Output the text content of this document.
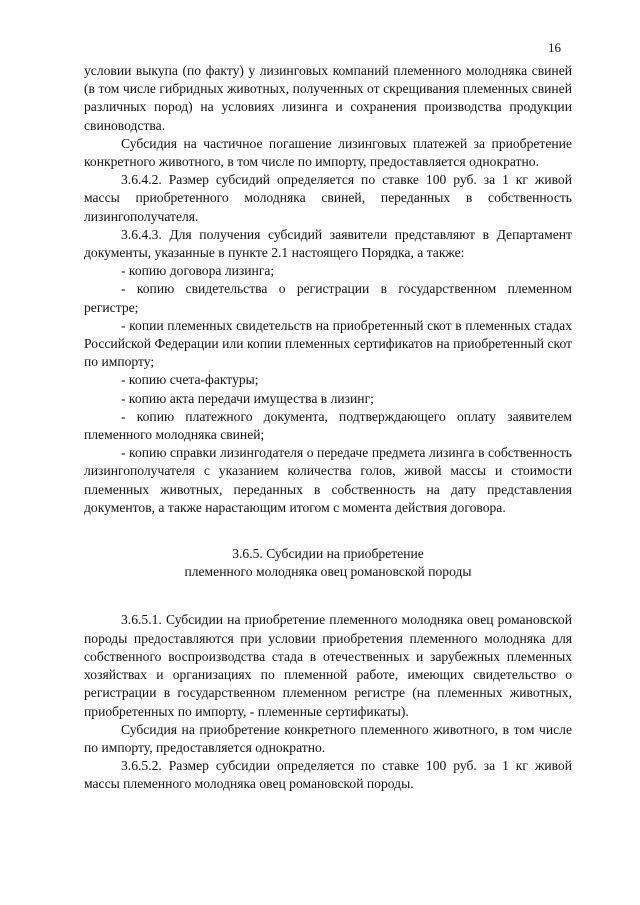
16

условии выкупа (по факту) у лизинговых компаний племенного молодняка свиней (в том числе гибридных животных, полученных от скрещивания племенных свиней различных пород) на условиях лизинга и сохранения производства продукции свиноводства.

Субсидия на частичное погашение лизинговых платежей за приобретение конкретного животного, в том числе по импорту, предоставляется однократно.

3.6.4.2. Размер субсидий определяется по ставке 100 руб. за 1 кг живой массы приобретенного молодняка свиней, переданных в собственность лизингополучателя.

3.6.4.3. Для получения субсидий заявители представляют в Департамент документы, указанные в пункте 2.1 настоящего Порядка, а также:

- копию договора лизинга;

- копию свидетельства о регистрации в государственном племенном регистре;

- копии племенных свидетельств на приобретенный скот в племенных стадах Российской Федерации или копии племенных сертификатов на приобретенный скот по импорту;

- копию счета-фактуры;

- копию акта передачи имущества в лизинг;

- копию платежного документа, подтверждающего оплату заявителем племенного молодняка свиней;

- копию справки лизингодателя о передаче предмета лизинга в собственность лизингополучателя с указанием количества голов, живой массы и стоимости племенных животных, переданных в собственность на дату представления документов, а также нарастающим итогом с момента действия договора.

3.6.5. Субсидии на приобретение
племенного молодняка овец романовской породы

3.6.5.1. Субсидии на приобретение племенного молодняка овец романовской породы предоставляются при условии приобретения племенного молодняка для собственного воспроизводства стада в отечественных и зарубежных племенных хозяйствах и организациях по племенной работе, имеющих свидетельство о регистрации в государственном племенном регистре (на племенных животных, приобретенных по импорту, - племенные сертификаты).

Субсидия на приобретение конкретного племенного животного, в том числе по импорту, предоставляется однократно.

3.6.5.2. Размер субсидии определяется по ставке 100 руб. за 1 кг живой массы племенного молодняка овец романовской породы.
